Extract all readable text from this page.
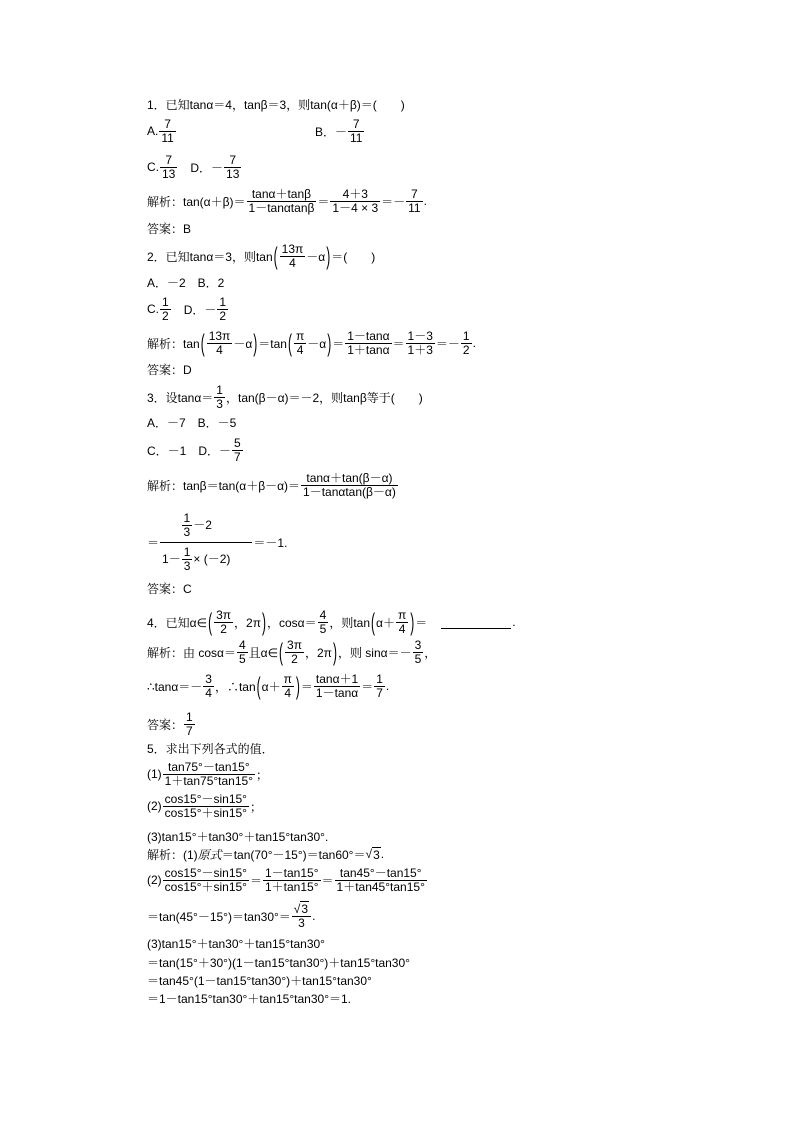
1．已知tanα＝4，tanβ＝3，则tan(α＋β)＝(　　)
A. $\frac{7}{11}$	B．－ $\frac{7}{11}$
C. $\frac{7}{13}$ 　D．－ $\frac{7}{13}$
解析：$\tan(\alpha+\beta)= \frac{\tan\alpha+\tan\beta}{1-\tan\alpha\tan\beta} = \frac{4+3}{1-4 \times 3} =- \frac{7}{11}$ .
答案：B
2．已知tanα＝3，则tan ( $\frac{13\pi}{4} -\alpha$ ) ＝(　　)
A．－2　B．2
C. $\frac{1}{2}$ 　D．－ $\frac{1}{2}$
解析：tan ( $\frac{13\pi}{4} -\alpha$ ) ＝tan ( $\frac{\pi}{4} -\alpha$ ) ＝ $\frac{1-\tan\alpha}{1+\tan\alpha} = \frac{1-3}{1+3} =- \frac{1}{2}$ .
答案：D
3．设$\tan\alpha= \frac{1}{3}$ ，tan(β－α)＝－2，则tanβ等于(　　)
A．－7　B．－5
C．－1　D．－ $\frac{5}{7}$
解析：$\tan\beta=\tan(\alpha+\beta-\alpha)= \frac{\tan\alpha+\tan(\beta-\alpha)}{1-\tan\alpha\tan(\beta-\alpha)}$
＝ $\frac{\frac{1}{3} -2}{1- \frac{1}{3} \times (-2)} =-1$.
答案：C
4．已知α∈ ( $\frac{3\pi}{2}$ ，2π ) ，$\cos\alpha= \frac{4}{5}$ ，则tan ( $\alpha+ \frac{\pi}{4}$ ) ＝	.
解析：由 $\cos\alpha= \frac{4}{5}$ 且α∈ ( $\frac{3\pi}{2}$ ，2π ) ，则 $\sin\alpha=- \frac{3}{5}$ ，
∴tanα＝－ $\frac{3}{4}$ ，∴tan ( $\alpha+ \frac{\pi}{4}$ ) ＝ $\frac{\tan\alpha+1}{1-\tan\alpha} = \frac{1}{7}$ .
答案： $\frac{1}{7}$
5．求出下列各式的值．
$(1) \frac{\tan 75^\circ-\tan 15^\circ}{1+\tan 75^\circ\tan 15^\circ}$ ；
$(2) \frac{\cos 15^\circ-\sin 15^\circ}{\cos 15^\circ+\sin 15^\circ}$ ；
(3)tan15°＋tan30°＋tan15°tan30°.
解析：(1) 原式 ＝tan(70°－15°)＝tan60°＝ √ 3 .
$(2) \frac{\cos 15^\circ-\sin 15^\circ}{\cos 15^\circ+\sin 15^\circ} = \frac{1-\tan 15^\circ}{1+\tan 15^\circ} = \frac{\tan 45^\circ-\tan 15^\circ}{1+\tan 45^\circ\tan 15^\circ}$
$=\tan(45^\circ-15^\circ)=\tan 30^\circ= \frac{√3}{3}$ .
(3)tan15°＋tan30°＋tan15°tan30°
＝tan(15°＋30°)(1－tan15°tan30°)＋tan15°tan30°
＝tan45°(1－tan15°tan30°)＋tan15°tan30°
＝1－tan15°tan30°＋tan15°tan30°＝1.
